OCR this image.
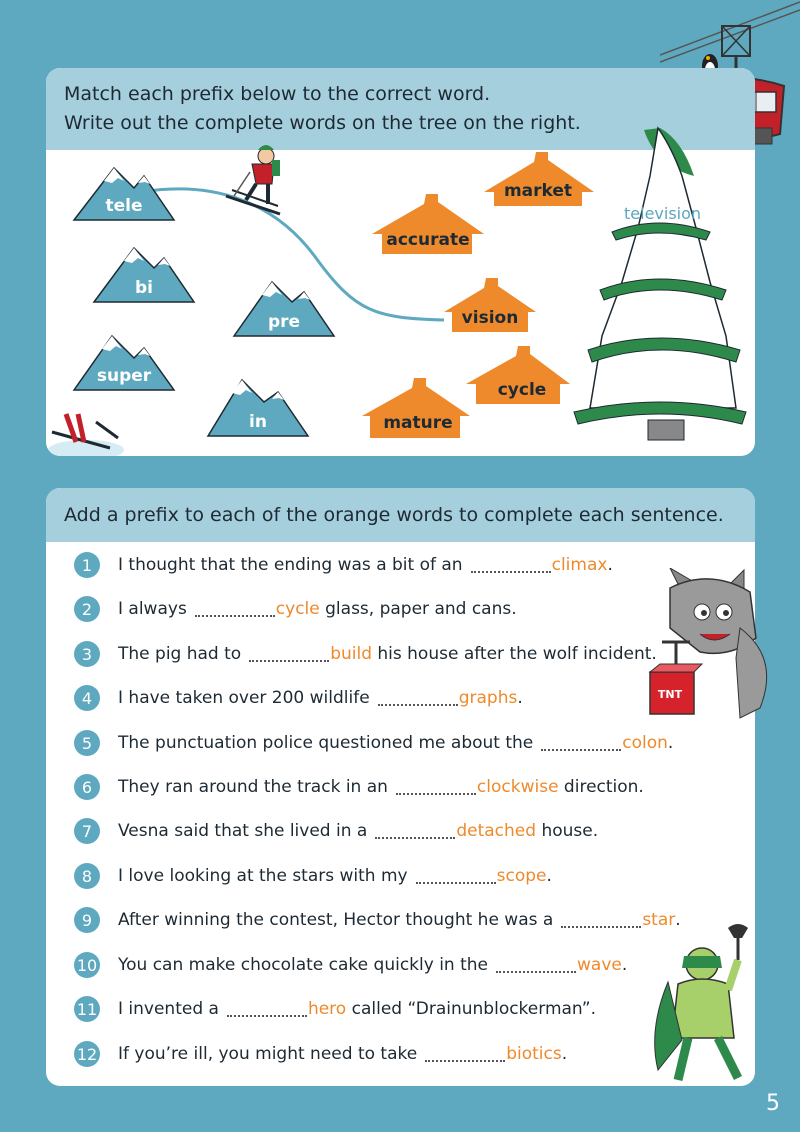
Match each prefix below to the correct word.
Write out the complete words on the tree on the right.
tele
bi
pre
super
in
market
accurate
vision
cycle
mature
television
Add a prefix to each of the orange words to complete each sentence.
1	I thought that the ending was a bit of an	climax .
2	I always	cycle glass, paper and cans.
3	The pig had to	build his house after the wolf incident.
4	I have taken over 200 wildlife	graphs .
5	The punctuation police questioned me about the	colon .
6	They ran around the track in an	clockwise direction.
7	Vesna said that she lived in a	detached house.
8	I love looking at the stars with my	scope .
9	After winning the contest, Hector thought he was a	star .
10 You can make chocolate cake quickly in the	wave .
11 I invented a	hero called “Drainunblockerman”.
12 If you’re ill, you might need to take	biotics .
TNT
5
